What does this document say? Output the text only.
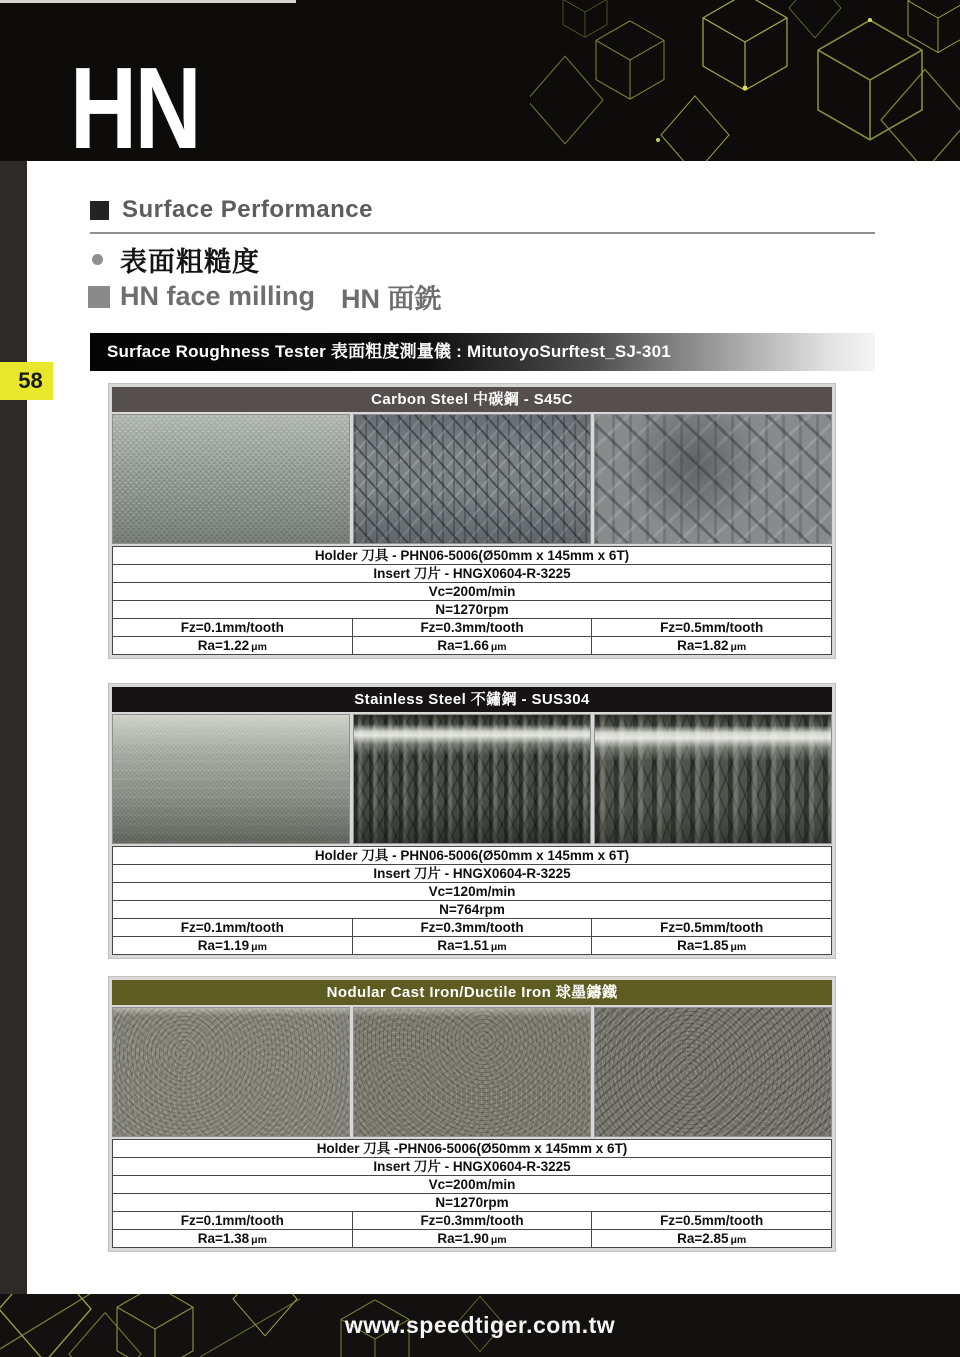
HN
58
Surface Performance
表面粗糙度
HN face milling HN 面銑
Surface Roughness Tester 表面粗度測量儀 : MitutoyoSurftest_SJ-301
Carbon Steel 中碳鋼 - S45C
Holder 刀具 - PHN06-5006(Ø50mm x 145mm x 6T)
Insert 刀片 - HNGX0604-R-3225
Vc=200m/min
N=1270rpm
Fz=0.1mm/tooth	Fz=0.3mm/tooth	Fz=0.5mm/tooth
Ra=1.22 μm	Ra=1.66 μm	Ra=1.82 μm
Stainless Steel 不鏽鋼 - SUS304
Holder 刀具 - PHN06-5006(Ø50mm x 145mm x 6T)
Insert 刀片 - HNGX0604-R-3225
Vc=120m/min
N=764rpm
Fz=0.1mm/tooth	Fz=0.3mm/tooth	Fz=0.5mm/tooth
Ra=1.19 μm	Ra=1.51 μm	Ra=1.85 μm
Nodular Cast Iron/Ductile Iron 球墨鑄鐵
Holder 刀具 -PHN06-5006(Ø50mm x 145mm x 6T)
Insert 刀片 - HNGX0604-R-3225
Vc=200m/min
N=1270rpm
Fz=0.1mm/tooth	Fz=0.3mm/tooth	Fz=0.5mm/tooth
Ra=1.38 μm	Ra=1.90 μm	Ra=2.85 μm
www.speedtiger.com.tw
